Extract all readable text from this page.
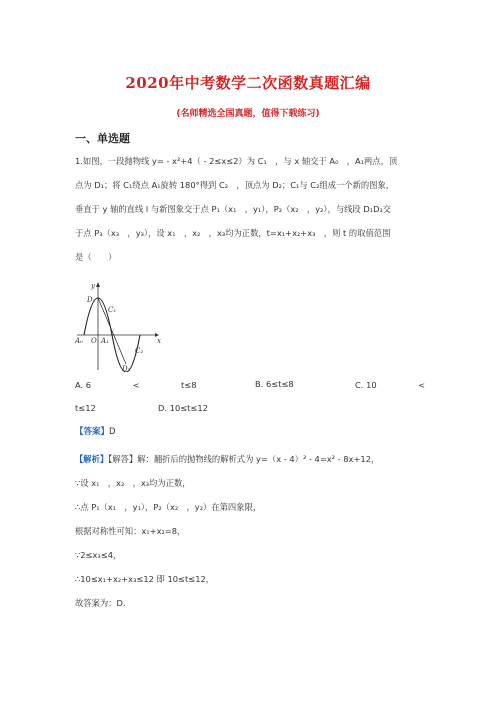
2020年中考数学二次函数真题汇编
(名师精选全国真题，值得下载练习)
一、单选题
1.如图，一段抛物线 y= - x²+4（ - 2≤x≤2）为 C₁　，与 x 轴交于 A₀　，A₁两点，顶
点为 D₁；将 C₁绕点 A₁旋转 180°得到 C₂　，顶点为 D₂；C₁与 C₂组成一个新的图象，
垂直于 y 轴的直线 l 与新图象交于点 P₁（x₁　，y₁），P₂（x₂　，y₂），与线段 D₁D₂交
于点 P₃（x₃　，y₃），设 x₁　，x₂　，x₃均为正数，t=x₁+x₂+x₃　，则 t 的取值范围
是（　　）
y
x
D₁
C₁
A₀ O A₁
C₂
D₂
A. 6　　　　　<　　　　　t≤8	B. 6≤t≤8	C. 10　　　　　<
t≤12	D. 10≤t≤12
【答案】D
【解析】【解答】解：翻折后的抛物线的解析式为 y=（x - 4）² - 4=x² - 8x+12，
∵设 x₁　，x₂　，x₃均为正数，
∴点 P₁（x₁　，y₁），P₂（x₂　，y₂）在第四象限，
根据对称性可知：x₁+x₂=8，
∵2≤x₃≤4，
∴10≤x₁+x₂+x₃≤12 即 10≤t≤12，
故答案为：D．
